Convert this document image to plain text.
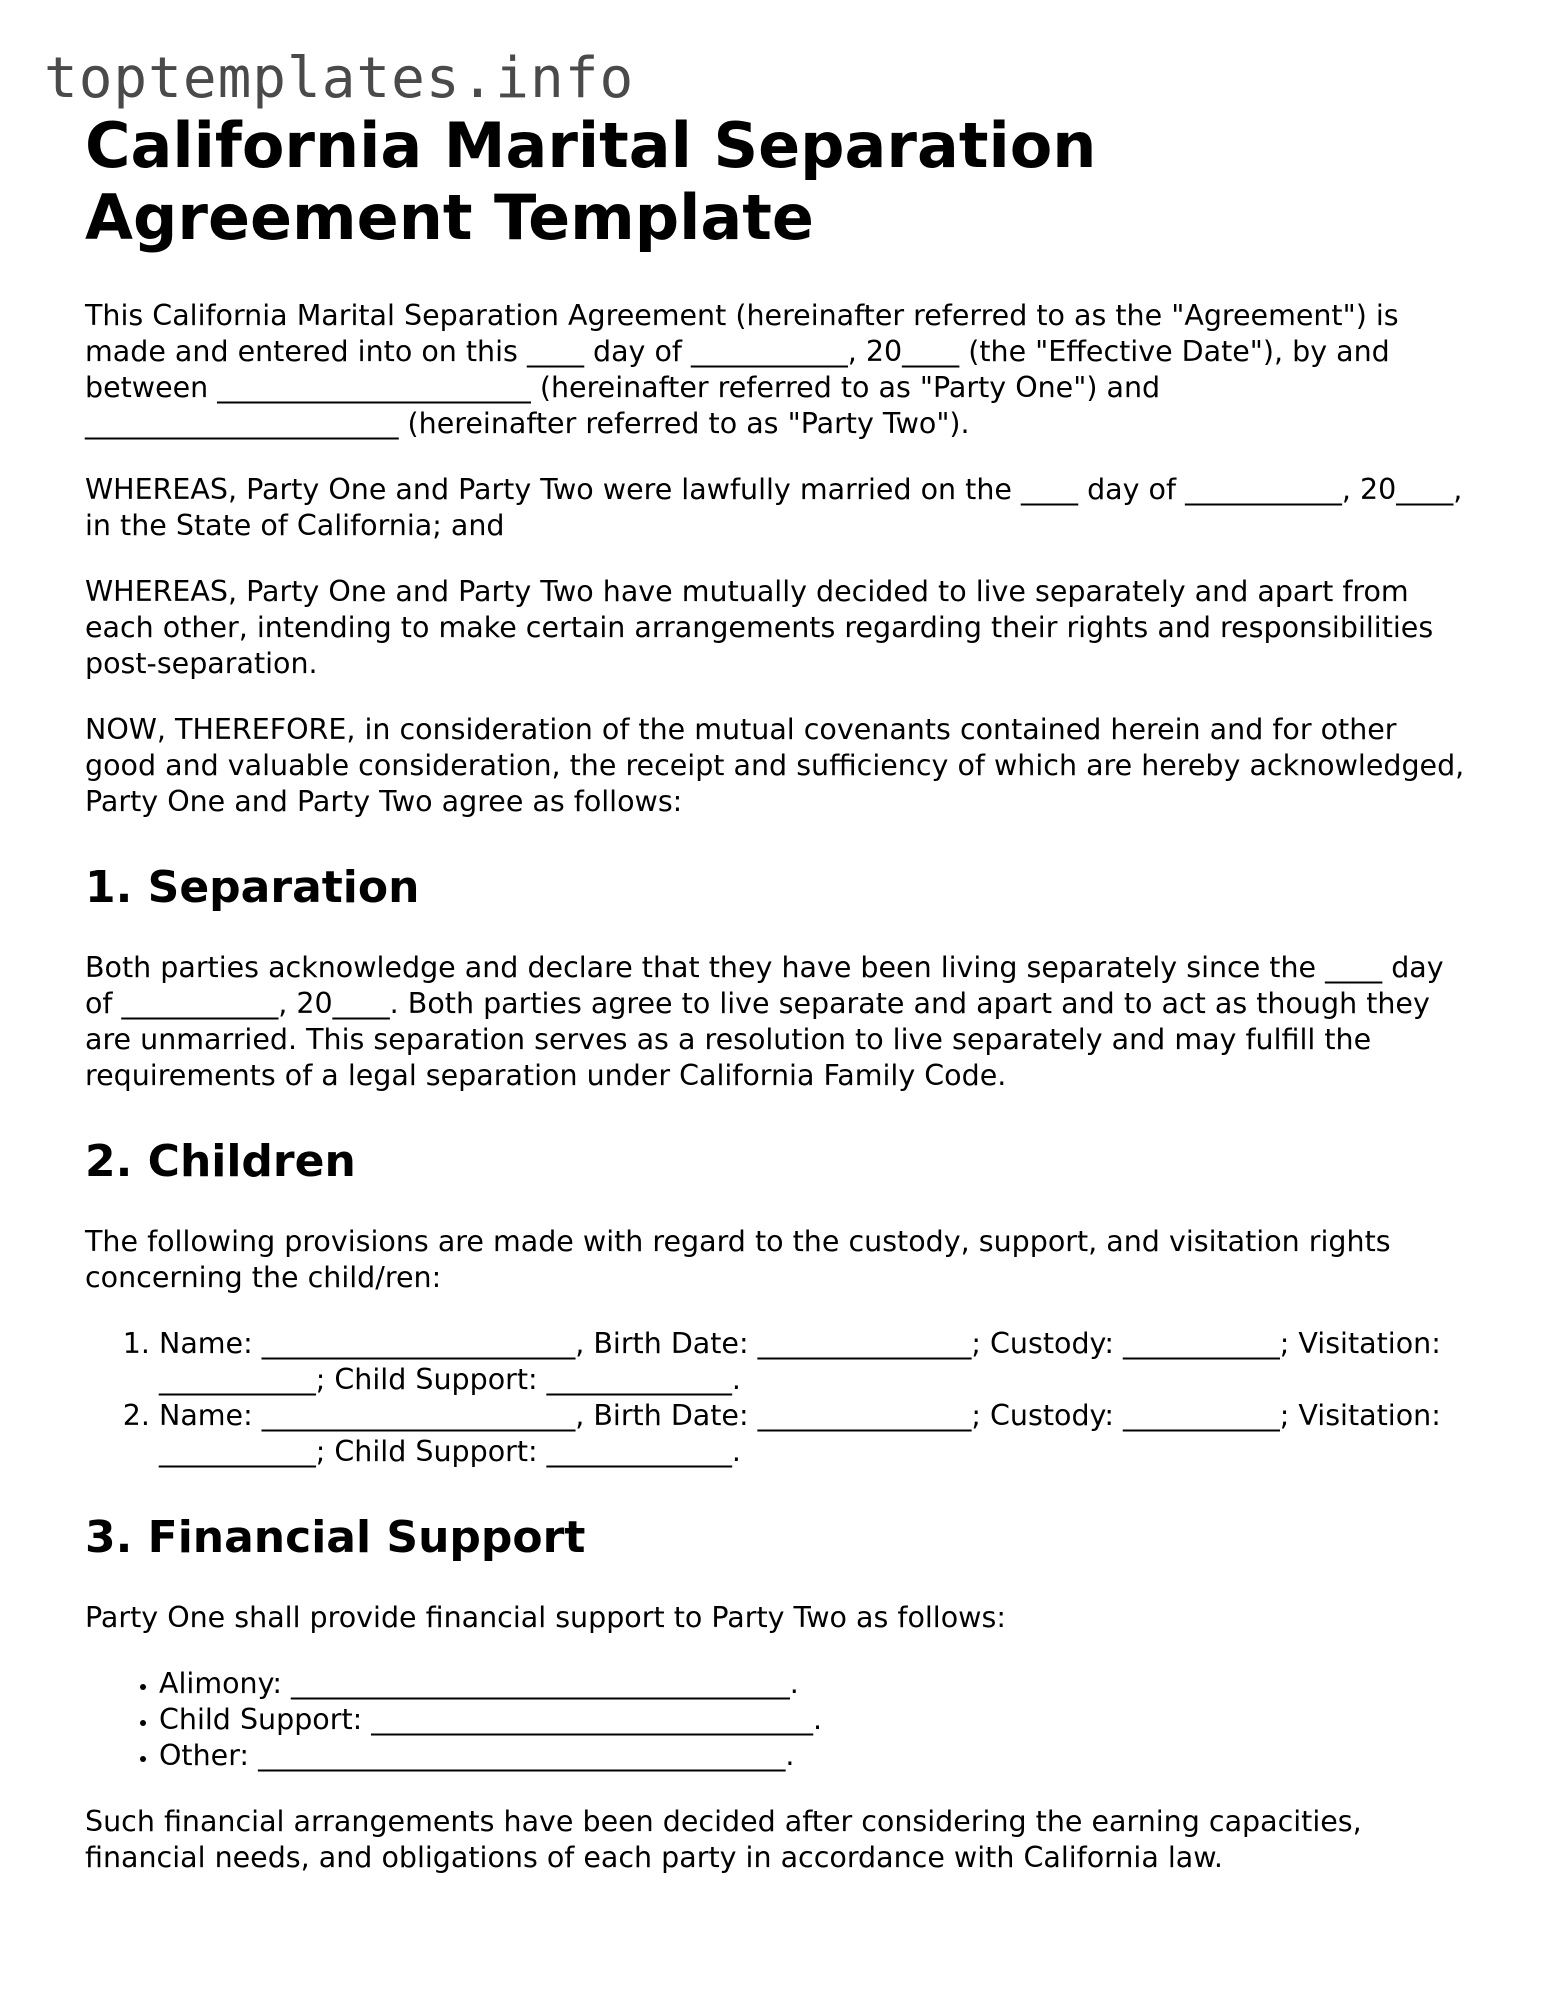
toptemplates.info
California Marital Separation Agreement Template

This California Marital Separation Agreement (hereinafter referred to as the "Agreement") is made and entered into on this ____ day of ___________, 20____ (the "Effective Date"), by and between ______________________ (hereinafter referred to as "Party One") and ______________________ (hereinafter referred to as "Party Two").

WHEREAS, Party One and Party Two were lawfully married on the ____ day of ___________, 20____, in the State of California; and

WHEREAS, Party One and Party Two have mutually decided to live separately and apart from each other, intending to make certain arrangements regarding their rights and responsibilities post-separation.

NOW, THEREFORE, in consideration of the mutual covenants contained herein and for other good and valuable consideration, the receipt and sufficiency of which are hereby acknowledged, Party One and Party Two agree as follows:

1. Separation

Both parties acknowledge and declare that they have been living separately since the ____ day of ___________, 20____. Both parties agree to live separate and apart and to act as though they are unmarried. This separation serves as a resolution to live separately and may fulfill the requirements of a legal separation under California Family Code.

2. Children

The following provisions are made with regard to the custody, support, and visitation rights concerning the child/ren:

1. Name: ______________________, Birth Date: _______________; Custody: ___________; Visitation: ___________; Child Support: _____________.
2. Name: ______________________, Birth Date: _______________; Custody: ___________; Visitation: ___________; Child Support: _____________.
3. Financial Support

Party One shall provide financial support to Party Two as follows:

• Alimony: ___________________________________.
• Child Support: _______________________________.
• Other: _____________________________________.

Such financial arrangements have been decided after considering the earning capacities, financial needs, and obligations of each party in accordance with California law.
